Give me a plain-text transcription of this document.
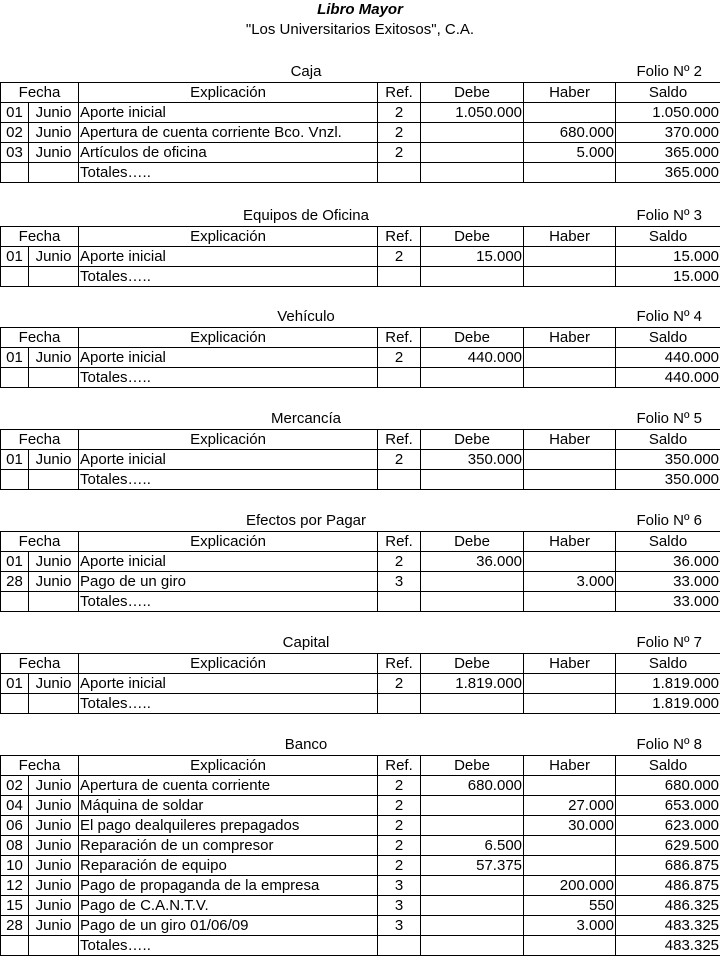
Libro Mayor
"Los Universitarios Exitosos", C.A.
Caja	Folio Nº 2
Fecha		Explicación	Ref.	Debe	Haber	Saldo
01	Junio	Aporte inicial	2	1.050.000		1.050.000
02	Junio	Apertura de cuenta corriente Bco. Vnzl.	2		680.000	370.000
03	Junio	Artículos de oficina	2		5.000	365.000
		Totales…..				365.000
Equipos de Oficina	Folio Nº 3
Fecha		Explicación	Ref.	Debe	Haber	Saldo
01	Junio	Aporte inicial	2	15.000		15.000
		Totales…..				15.000
Vehículo	Folio Nº 4
Fecha		Explicación	Ref.	Debe	Haber	Saldo
01	Junio	Aporte inicial	2	440.000		440.000
		Totales…..				440.000
Mercancía	Folio Nº 5
Fecha		Explicación	Ref.	Debe	Haber	Saldo
01	Junio	Aporte inicial	2	350.000		350.000
		Totales…..				350.000
Efectos por Pagar	Folio Nº 6
Fecha		Explicación	Ref.	Debe	Haber	Saldo
01	Junio	Aporte inicial	2	36.000		36.000
28	Junio	Pago de un giro	3		3.000	33.000
		Totales…..				33.000
Capital	Folio Nº 7
Fecha		Explicación	Ref.	Debe	Haber	Saldo
01	Junio	Aporte inicial	2	1.819.000		1.819.000
		Totales…..				1.819.000
Banco	Folio Nº 8
Fecha		Explicación	Ref.	Debe	Haber	Saldo
02	Junio	Apertura de cuenta corriente	2	680.000		680.000
04	Junio	Máquina de soldar	2		27.000	653.000
06	Junio	El pago dealquileres prepagados	2		30.000	623.000
08	Junio	Reparación de un compresor	2	6.500		629.500
10	Junio	Reparación de equipo	2	57.375		686.875
12	Junio	Pago de propaganda de la empresa	3		200.000	486.875
15	Junio	Pago de C.A.N.T.V.	3		550	486.325
28	Junio	Pago de un giro 01/06/09	3		3.000	483.325
		Totales…..				483.325
